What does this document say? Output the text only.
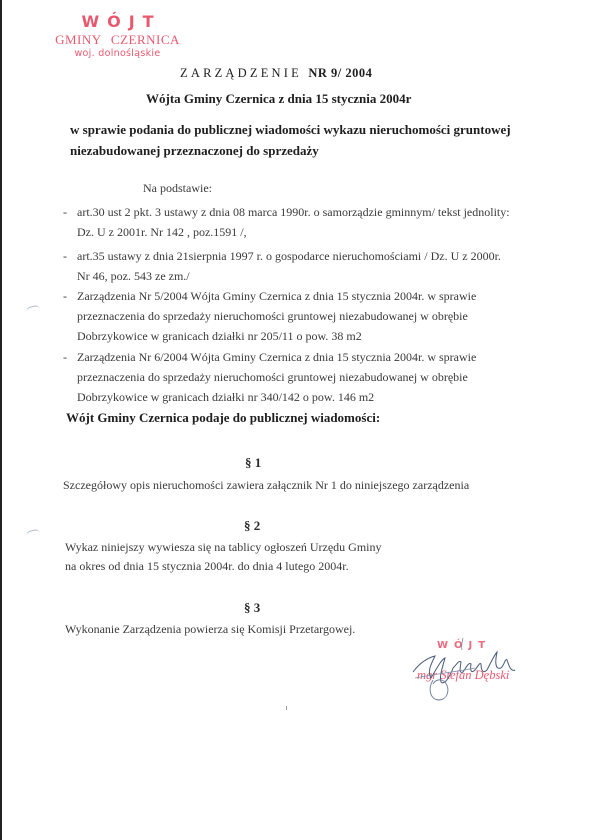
WÓJT
GMINY CZERNICA
woj. dolnośląskie
ZARZĄDZENIE NR 9/ 2004
Wójta Gminy Czernica z dnia 15 stycznia 2004r
w sprawie podania do publicznej wiadomości wykazu nieruchomości gruntowej
niezabudowanej przeznaczonej do sprzedaży
Na podstawie:
- art.30 ust 2 pkt. 3 ustawy z dnia 08 marca 1990r. o samorządzie gminnym/ tekst jednolity:
Dz. U z 2001r. Nr 142 , poz.1591 /,
- art.35 ustawy z dnia 21sierpnia 1997 r. o gospodarce nieruchomościami / Dz. U z 2000r.
Nr 46, poz. 543 ze zm./
- Zarządzenia Nr 5/2004 Wójta Gminy Czernica z dnia 15 stycznia 2004r. w sprawie
przeznaczenia do sprzedaży nieruchomości gruntowej niezabudowanej w obrębie
Dobrzykowice w granicach działki nr 205/11 o pow. 38 m2
- Zarządzenia Nr 6/2004 Wójta Gminy Czernica z dnia 15 stycznia 2004r. w sprawie
przeznaczenia do sprzedaży nieruchomości gruntowej niezabudowanej w obrębie
Dobrzykowice w granicach działki nr 340/142 o pow. 146 m2
Wójt Gminy Czernica podaje do publicznej wiadomości:
§ 1
Szczegółowy opis nieruchomości zawiera załącznik Nr 1 do niniejszego zarządzenia
§ 2
Wykaz niniejszy wywiesza się na tablicy ogłoszeń Urzędu Gminy
na okres od dnia 15 stycznia 2004r. do dnia 4 lutego 2004r.
§ 3
Wykonanie Zarządzenia powierza się Komisji Przetargowej.
WÓJT
mgr Stefan Dębski
